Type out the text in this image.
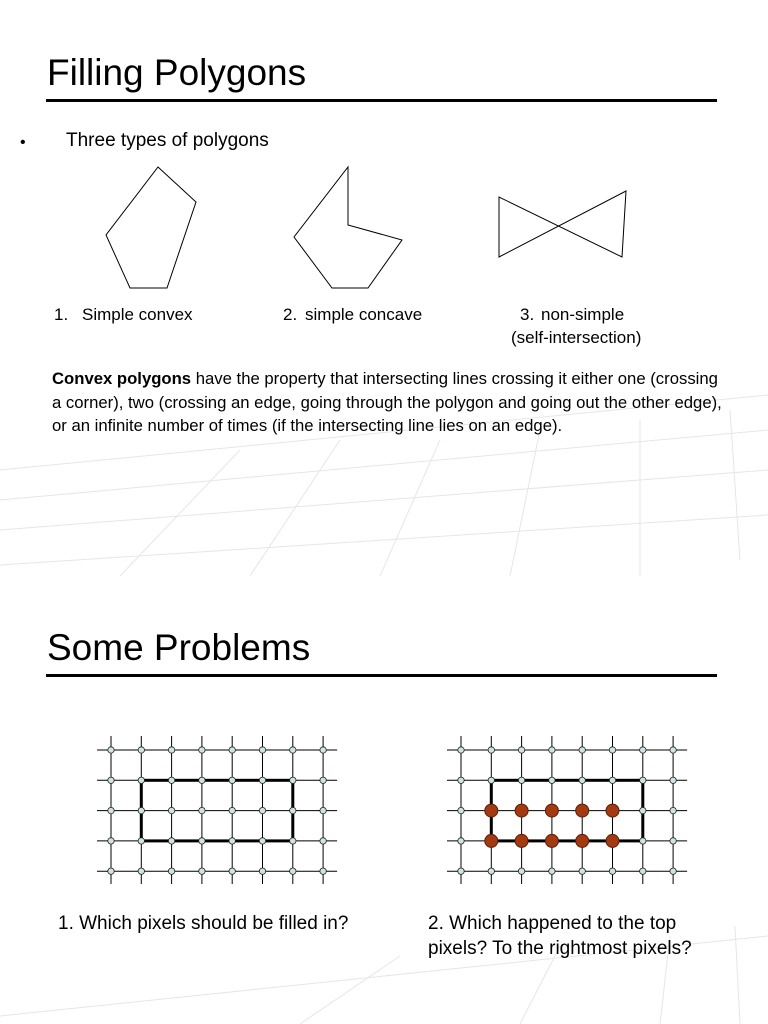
Filling Polygons
• Three types of polygons
1. Simple convex	2. simple concave	3. non-simple
(self-intersection)

Convex polygons have the property that intersecting lines crossing it either one (crossing a corner), two (crossing an edge, going through the polygon and going out the other edge), or an infinite number of times (if the intersecting line lies on an edge).

Some Problems
1. Which pixels should be filled in?	2. Which happened to the top pixels? To the rightmost pixels?
